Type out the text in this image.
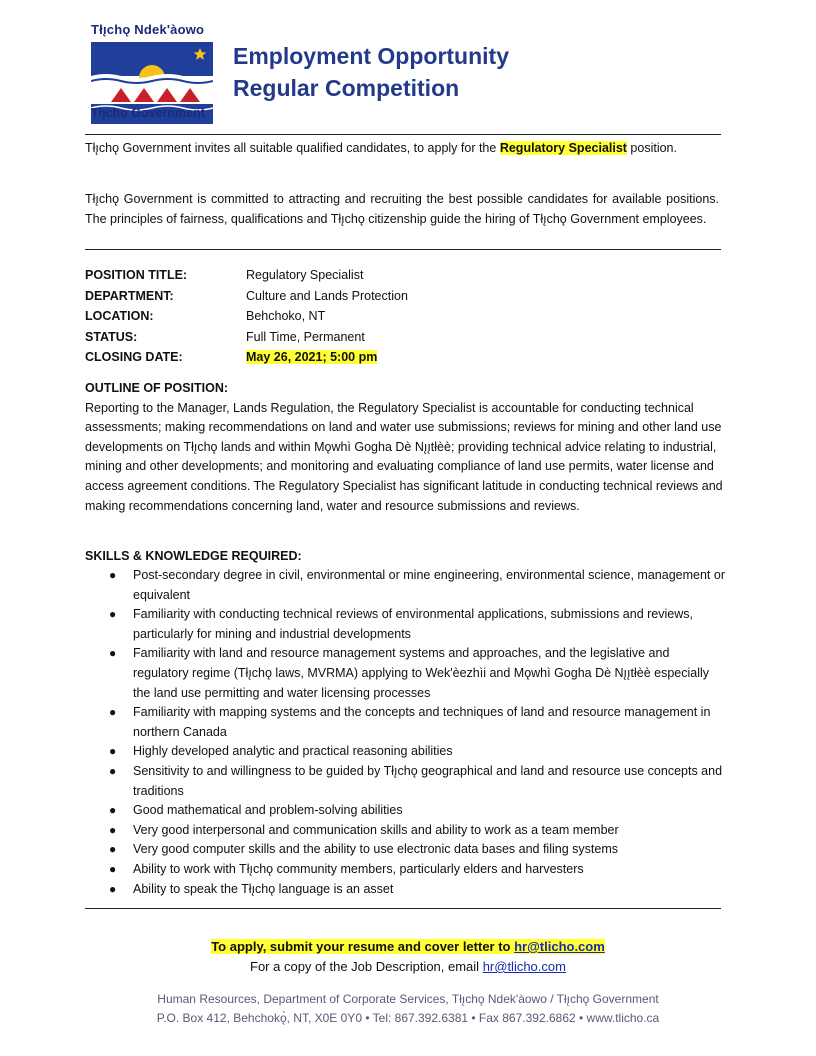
Tłı̨chǫ Ndek'àowo
Tłı̨chǫ Government
Employment Opportunity
Regular Competition
Tłı̨chǫ Government invites all suitable qualified candidates, to apply for the Regulatory Specialist position.
Tłı̨chǫ Government is committed to attracting and recruiting the best possible candidates for available positions. The principles of fairness, qualifications and Tłı̨chǫ citizenship guide the hiring of Tłı̨chǫ Government employees.
POSITION TITLE:	Regulatory Specialist
DEPARTMENT:	Culture and Lands Protection
LOCATION:	Behchoko, NT
STATUS:	Full Time, Permanent
CLOSING DATE:	May 26, 2021; 5:00 pm
OUTLINE OF POSITION:
Reporting to the Manager, Lands Regulation, the Regulatory Specialist is accountable for conducting technical assessments; making recommendations on land and water use submissions; reviews for mining and other land use developments on Tłı̨chǫ lands and within Mǫwhì Gogha Dè Nı̨ı̨tłèè; providing technical advice relating to industrial, mining and other developments; and monitoring and evaluating compliance of land use permits, water license and access agreement conditions. The Regulatory Specialist has significant latitude in conducting technical reviews and making recommendations concerning land, water and resource submissions and reviews.
SKILLS & KNOWLEDGE REQUIRED:
● Post-secondary degree in civil, environmental or mine engineering, environmental science, management or equivalent
● Familiarity with conducting technical reviews of environmental applications, submissions and reviews, particularly for mining and industrial developments
● Familiarity with land and resource management systems and approaches, and the legislative and regulatory regime (Tłı̨chǫ laws, MVRMA) applying to Wek'èezhìi and Mǫwhì Gogha Dè Nı̨ı̨tłèè especially the land use permitting and water licensing processes
● Familiarity with mapping systems and the concepts and techniques of land and resource management in northern Canada
● Highly developed analytic and practical reasoning abilities
● Sensitivity to and willingness to be guided by Tłı̨chǫ geographical and land and resource use concepts and traditions
● Good mathematical and problem-solving abilities
● Very good interpersonal and communication skills and ability to work as a team member
● Very good computer skills and the ability to use electronic data bases and filing systems
● Ability to work with Tłı̨chǫ community members, particularly elders and harvesters
● Ability to speak the Tłı̨chǫ language is an asset
To apply, submit your resume and cover letter to hr@tlicho.com
For a copy of the Job Description, email hr@tlicho.com
Human Resources, Department of Corporate Services, Tłı̨chǫ Ndek'àowo / Tłı̨chǫ Government
P.O. Box 412, Behchokǫ̀, NT, X0E 0Y0 • Tel: 867.392.6381 • Fax 867.392.6862 • www.tlicho.ca
